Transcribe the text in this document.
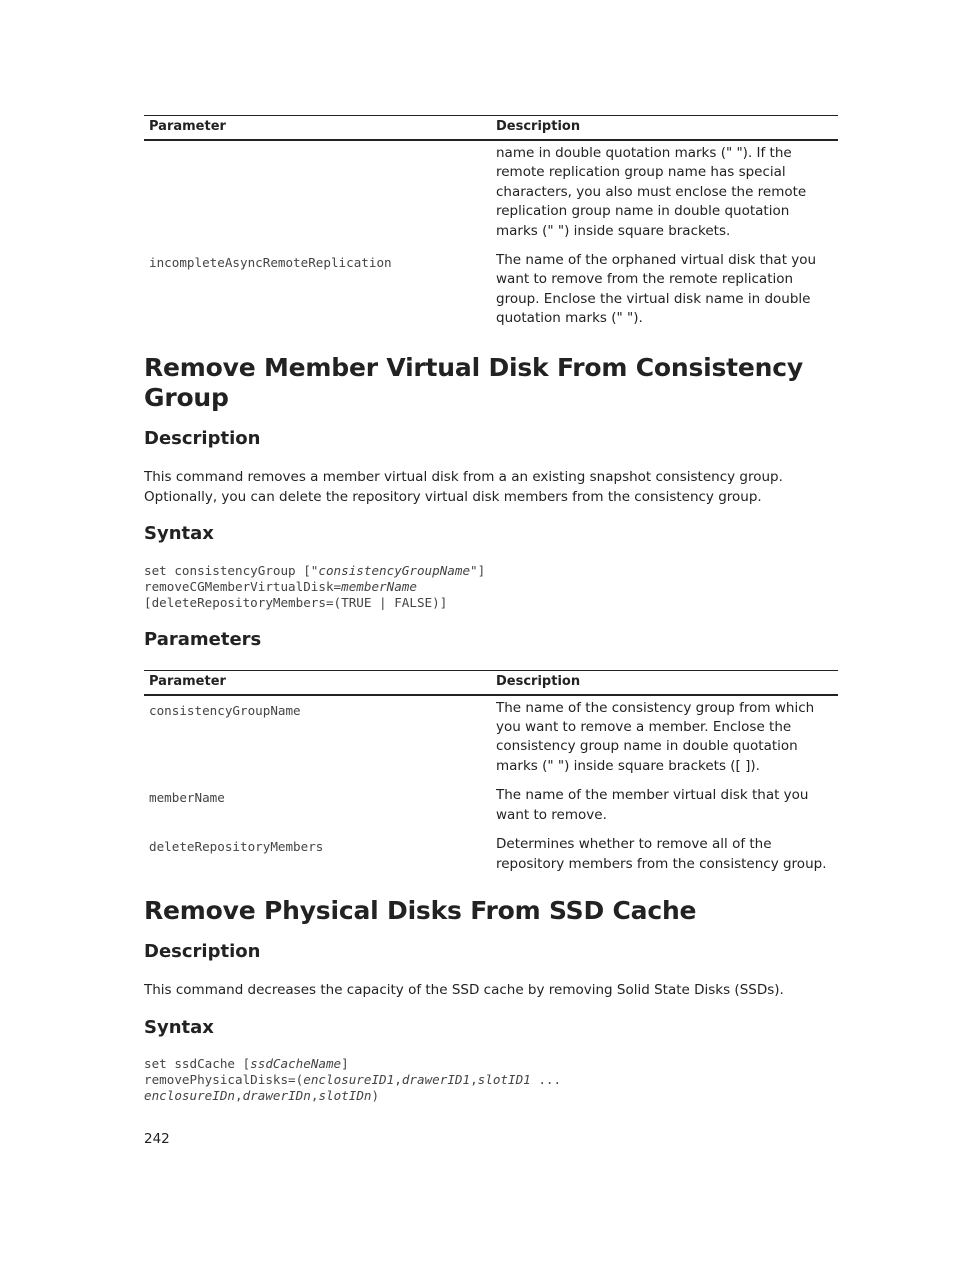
Parameter	Description
	name in double quotation marks (" "). If the remote replication group name has special characters, you also must enclose the remote replication group name in double quotation marks (" ") inside square brackets.
incompleteAsyncRemoteReplication	The name of the orphaned virtual disk that you want to remove from the remote replication group. Enclose the virtual disk name in double quotation marks (" ").
Remove Member Virtual Disk From Consistency Group
Description

This command removes a member virtual disk from a an existing snapshot consistency group. Optionally, you can delete the repository virtual disk members from the consistency group.

Syntax
set consistencyGroup ["consistencyGroupName"]
removeCGMemberVirtualDisk=memberName
[deleteRepositoryMembers=(TRUE | FALSE)]
Parameters
Parameter	Description
consistencyGroupName	The name of the consistency group from which you want to remove a member. Enclose the consistency group name in double quotation marks (" ") inside square brackets ([ ]).
memberName	The name of the member virtual disk that you want to remove.
deleteRepositoryMembers	Determines whether to remove all of the repository members from the consistency group.
Remove Physical Disks From SSD Cache
Description

This command decreases the capacity of the SSD cache by removing Solid State Disks (SSDs).

Syntax
set ssdCache [ssdCacheName]
removePhysicalDisks=(enclosureID1,drawerID1,slotID1 ...
enclosureIDn,drawerIDn,slotIDn)
242
